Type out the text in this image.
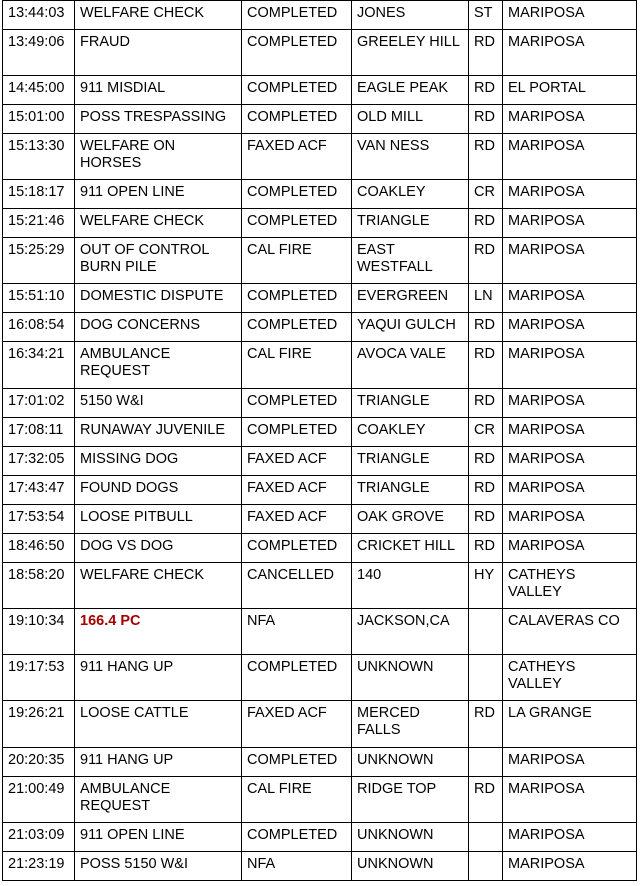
13:44:03	WELFARE CHECK	COMPLETED	JONES	ST	MARIPOSA
13:49:06	FRAUD	COMPLETED	GREELEY HILL	RD	MARIPOSA
14:45:00	911 MISDIAL	COMPLETED	EAGLE PEAK	RD	EL PORTAL
15:01:00	POSS TRESPASSING	COMPLETED	OLD MILL	RD	MARIPOSA
15:13:30	WELFARE ON HORSES	FAXED ACF	VAN NESS	RD	MARIPOSA
15:18:17	911 OPEN LINE	COMPLETED	COAKLEY	CR	MARIPOSA
15:21:46	WELFARE CHECK	COMPLETED	TRIANGLE	RD	MARIPOSA
15:25:29	OUT OF CONTROL BURN PILE	CAL FIRE	EAST WESTFALL	RD	MARIPOSA
15:51:10	DOMESTIC DISPUTE	COMPLETED	EVERGREEN	LN	MARIPOSA
16:08:54	DOG CONCERNS	COMPLETED	YAQUI GULCH	RD	MARIPOSA
16:34:21	AMBULANCE REQUEST	CAL FIRE	AVOCA VALE	RD	MARIPOSA
17:01:02	5150 W&I	COMPLETED	TRIANGLE	RD	MARIPOSA
17:08:11	RUNAWAY JUVENILE	COMPLETED	COAKLEY	CR	MARIPOSA
17:32:05	MISSING DOG	FAXED ACF	TRIANGLE	RD	MARIPOSA
17:43:47	FOUND DOGS	FAXED ACF	TRIANGLE	RD	MARIPOSA
17:53:54	LOOSE PITBULL	FAXED ACF	OAK GROVE	RD	MARIPOSA
18:46:50	DOG VS DOG	COMPLETED	CRICKET HILL	RD	MARIPOSA
18:58:20	WELFARE CHECK	CANCELLED	140	HY	CATHEYS VALLEY
19:10:34	166.4 PC	NFA	JACKSON,CA		CALAVERAS CO
19:17:53	911 HANG UP	COMPLETED	UNKNOWN		CATHEYS VALLEY
19:26:21	LOOSE CATTLE	FAXED ACF	MERCED FALLS	RD	LA GRANGE
20:20:35	911 HANG UP	COMPLETED	UNKNOWN		MARIPOSA
21:00:49	AMBULANCE REQUEST	CAL FIRE	RIDGE TOP	RD	MARIPOSA
21:03:09	911 OPEN LINE	COMPLETED	UNKNOWN		MARIPOSA
21:23:19	POSS 5150 W&I	NFA	UNKNOWN		MARIPOSA
